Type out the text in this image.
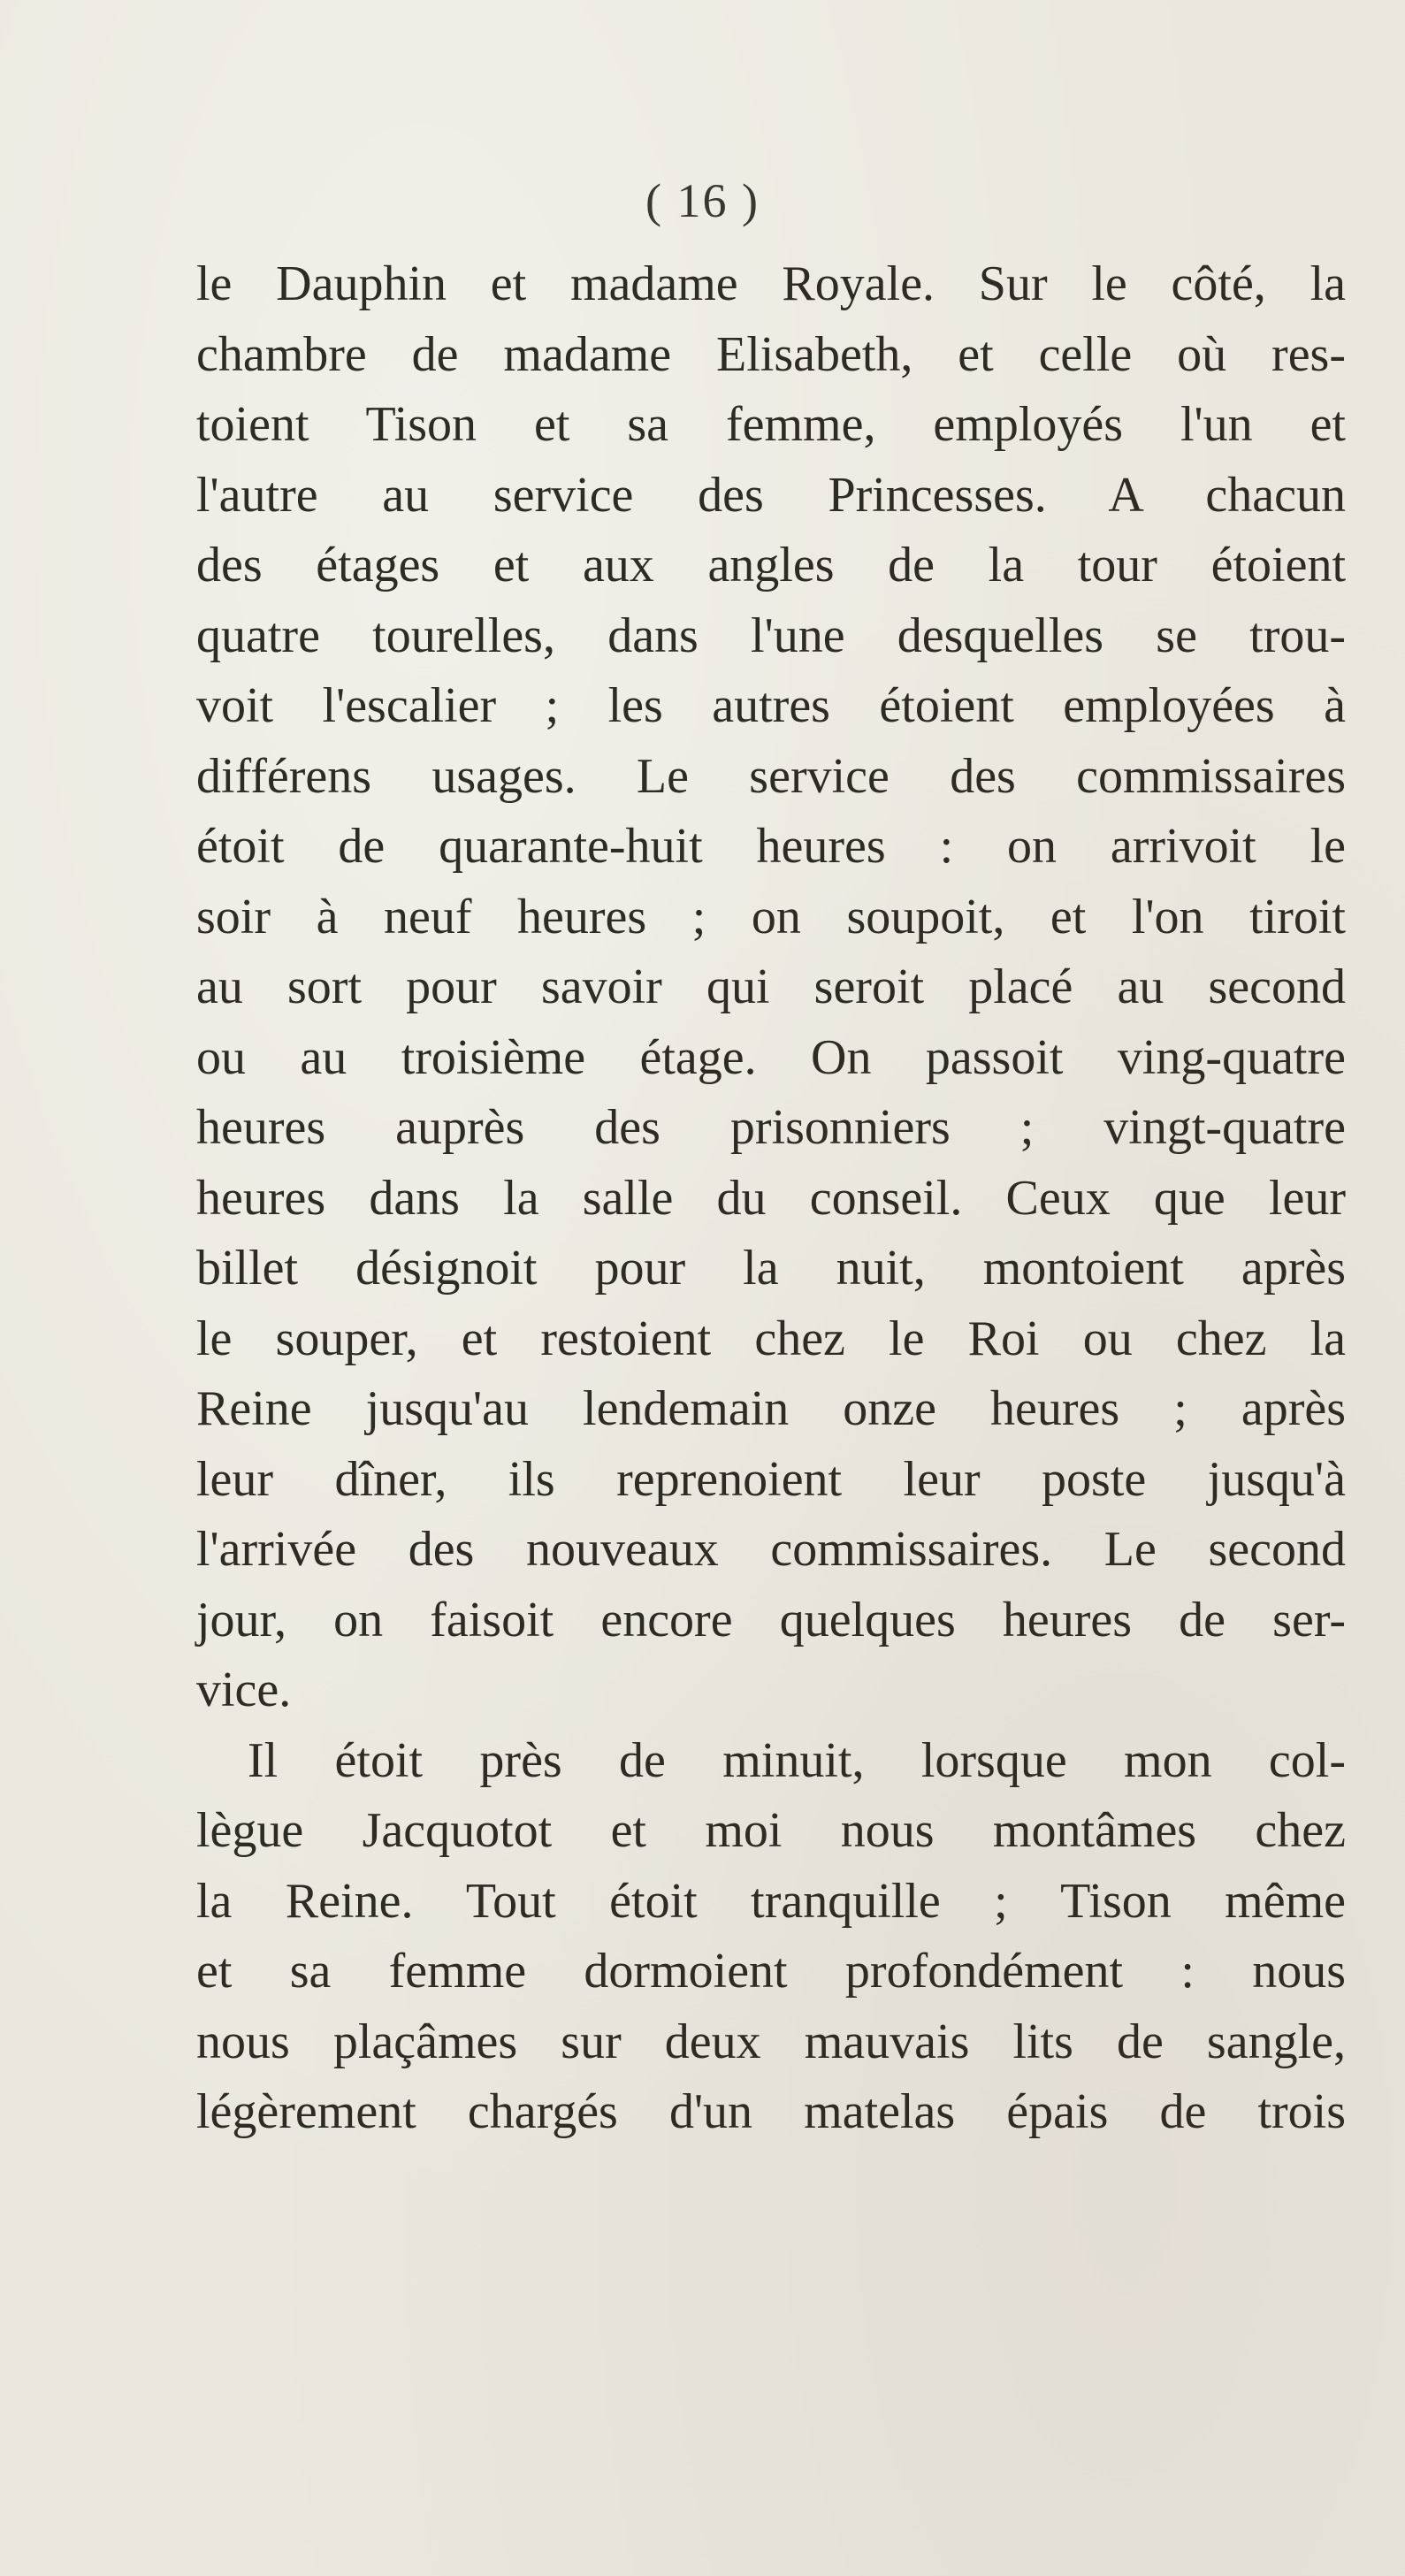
( 16 )
le Dauphin et madame Royale. Sur le côté, la
chambre de madame Elisabeth, et celle où res-
toient Tison et sa femme, employés l'un et
l'autre au service des Princesses. A chacun
des étages et aux angles de la tour étoient
quatre tourelles, dans l'une desquelles se trou-
voit l'escalier ; les autres étoient employées à
différens usages. Le service des commissaires
étoit de quarante-huit heures : on arrivoit le
soir à neuf heures ; on soupoit, et l'on tiroit
au sort pour savoir qui seroit placé au second
ou au troisième étage. On passoit ving-quatre
heures auprès des prisonniers ; vingt-quatre
heures dans la salle du conseil. Ceux que leur
billet désignoit pour la nuit, montoient après
le souper, et restoient chez le Roi ou chez la
Reine jusqu'au lendemain onze heures ; après
leur dîner, ils reprenoient leur poste jusqu'à
l'arrivée des nouveaux commissaires. Le second
jour, on faisoit encore quelques heures de ser-
vice.
Il étoit près de minuit, lorsque mon col-
lègue Jacquotot et moi nous montâmes chez
la Reine. Tout étoit tranquille ; Tison même
et sa femme dormoient profondément : nous
nous plaçâmes sur deux mauvais lits de sangle,
légèrement chargés d'un matelas épais de trois
